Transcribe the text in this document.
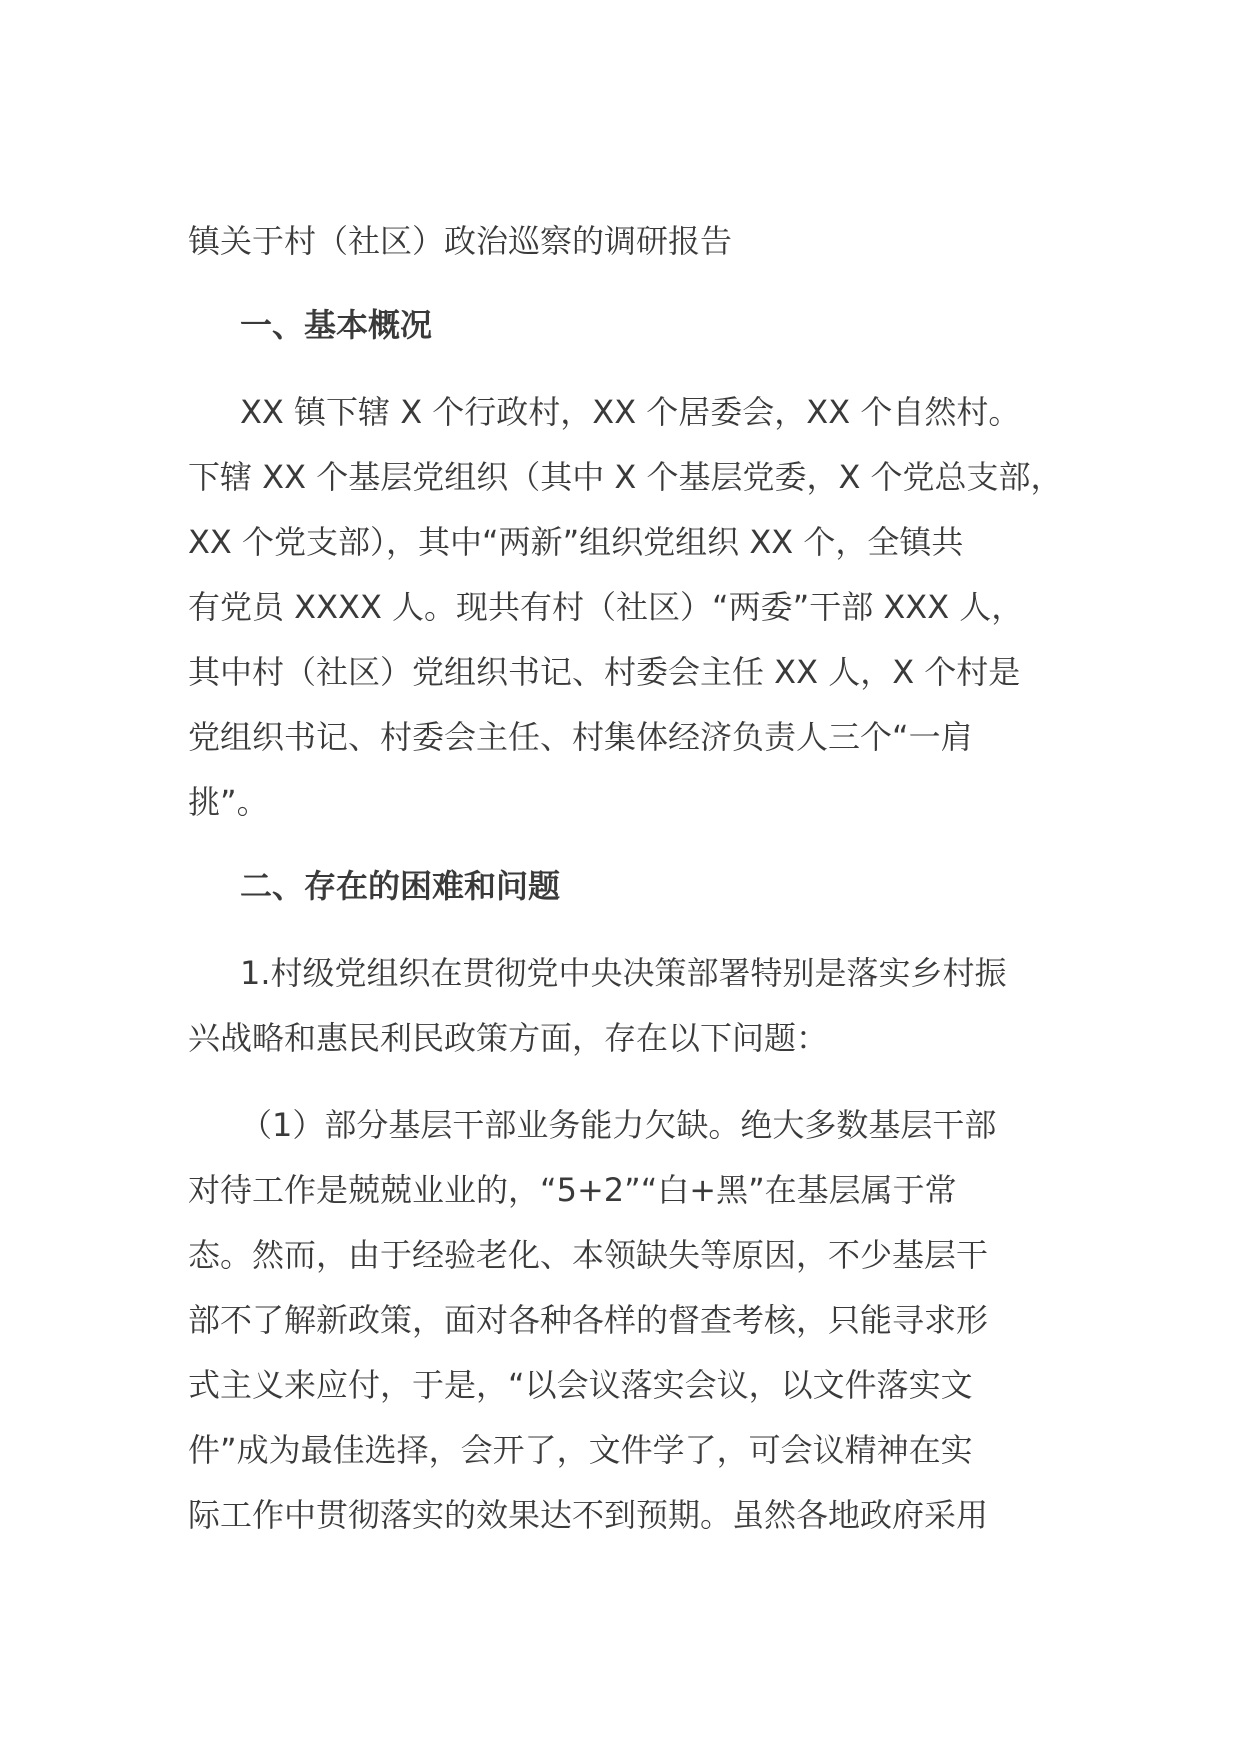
镇关于村（社区）政治巡察的调研报告
一、基本概况
XX 镇下辖 X 个行政村，XX 个居委会，XX 个自然村。
下辖 XX 个基层党组织（其中 X 个基层党委，X 个党总支部，
XX 个党支部），其中“两新”组织党组织 XX 个，全镇共
有党员 XXXX 人。现共有村（社区）“两委”干部 XXX 人，
其中村（社区）党组织书记、村委会主任 XX 人，X 个村是
党组织书记、村委会主任、村集体经济负责人三个“一肩
挑”。
二、存在的困难和问题
1.村级党组织在贯彻党中央决策部署特别是落实乡村振
兴战略和惠民利民政策方面，存在以下问题：
（1）部分基层干部业务能力欠缺。绝大多数基层干部
对待工作是兢兢业业的，“5+2”“白+黑”在基层属于常
态。然而，由于经验老化、本领缺失等原因，不少基层干
部不了解新政策，面对各种各样的督查考核，只能寻求形
式主义来应付，于是，“以会议落实会议，以文件落实文
件”成为最佳选择，会开了，文件学了，可会议精神在实
际工作中贯彻落实的效果达不到预期。虽然各地政府采用
